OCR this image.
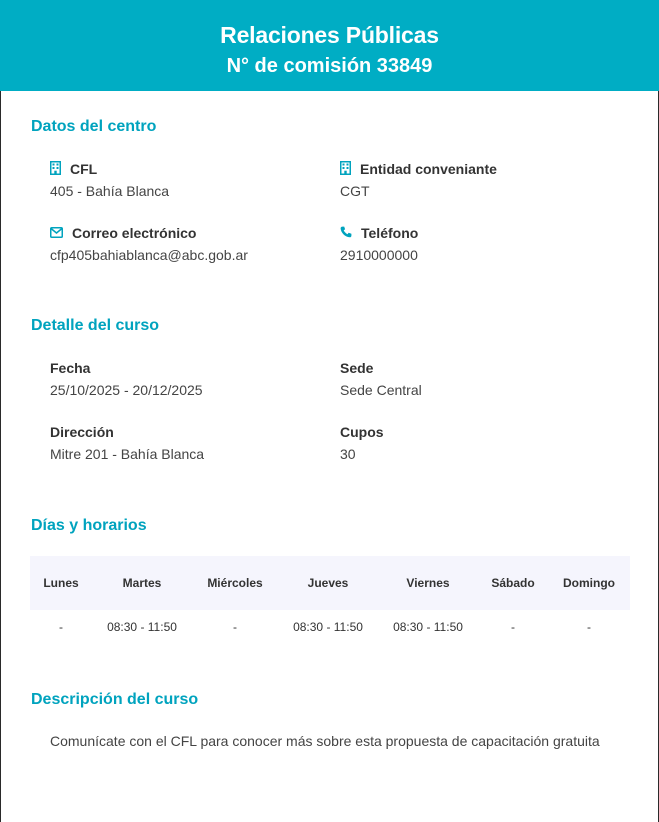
Relaciones Públicas
N° de comisión 33849
Datos del centro
CFL
405 - Bahía Blanca
Entidad conveniante
CGT
Correo electrónico
cfp405bahiablanca@abc.gob.ar
Teléfono
2910000000
Detalle del curso
Fecha
25/10/2025 - 20/12/2025
Sede
Sede Central
Dirección
Mitre 201 - Bahía Blanca
Cupos
30
Días y horarios
Lunes	Martes	Miércoles	Jueves	Viernes	Sábado	Domingo
-	08:30 - 11:50	-	08:30 - 11:50	08:30 - 11:50	-	-
Descripción del curso
Comunícate con el CFL para conocer más sobre esta propuesta de capacitación gratuita
